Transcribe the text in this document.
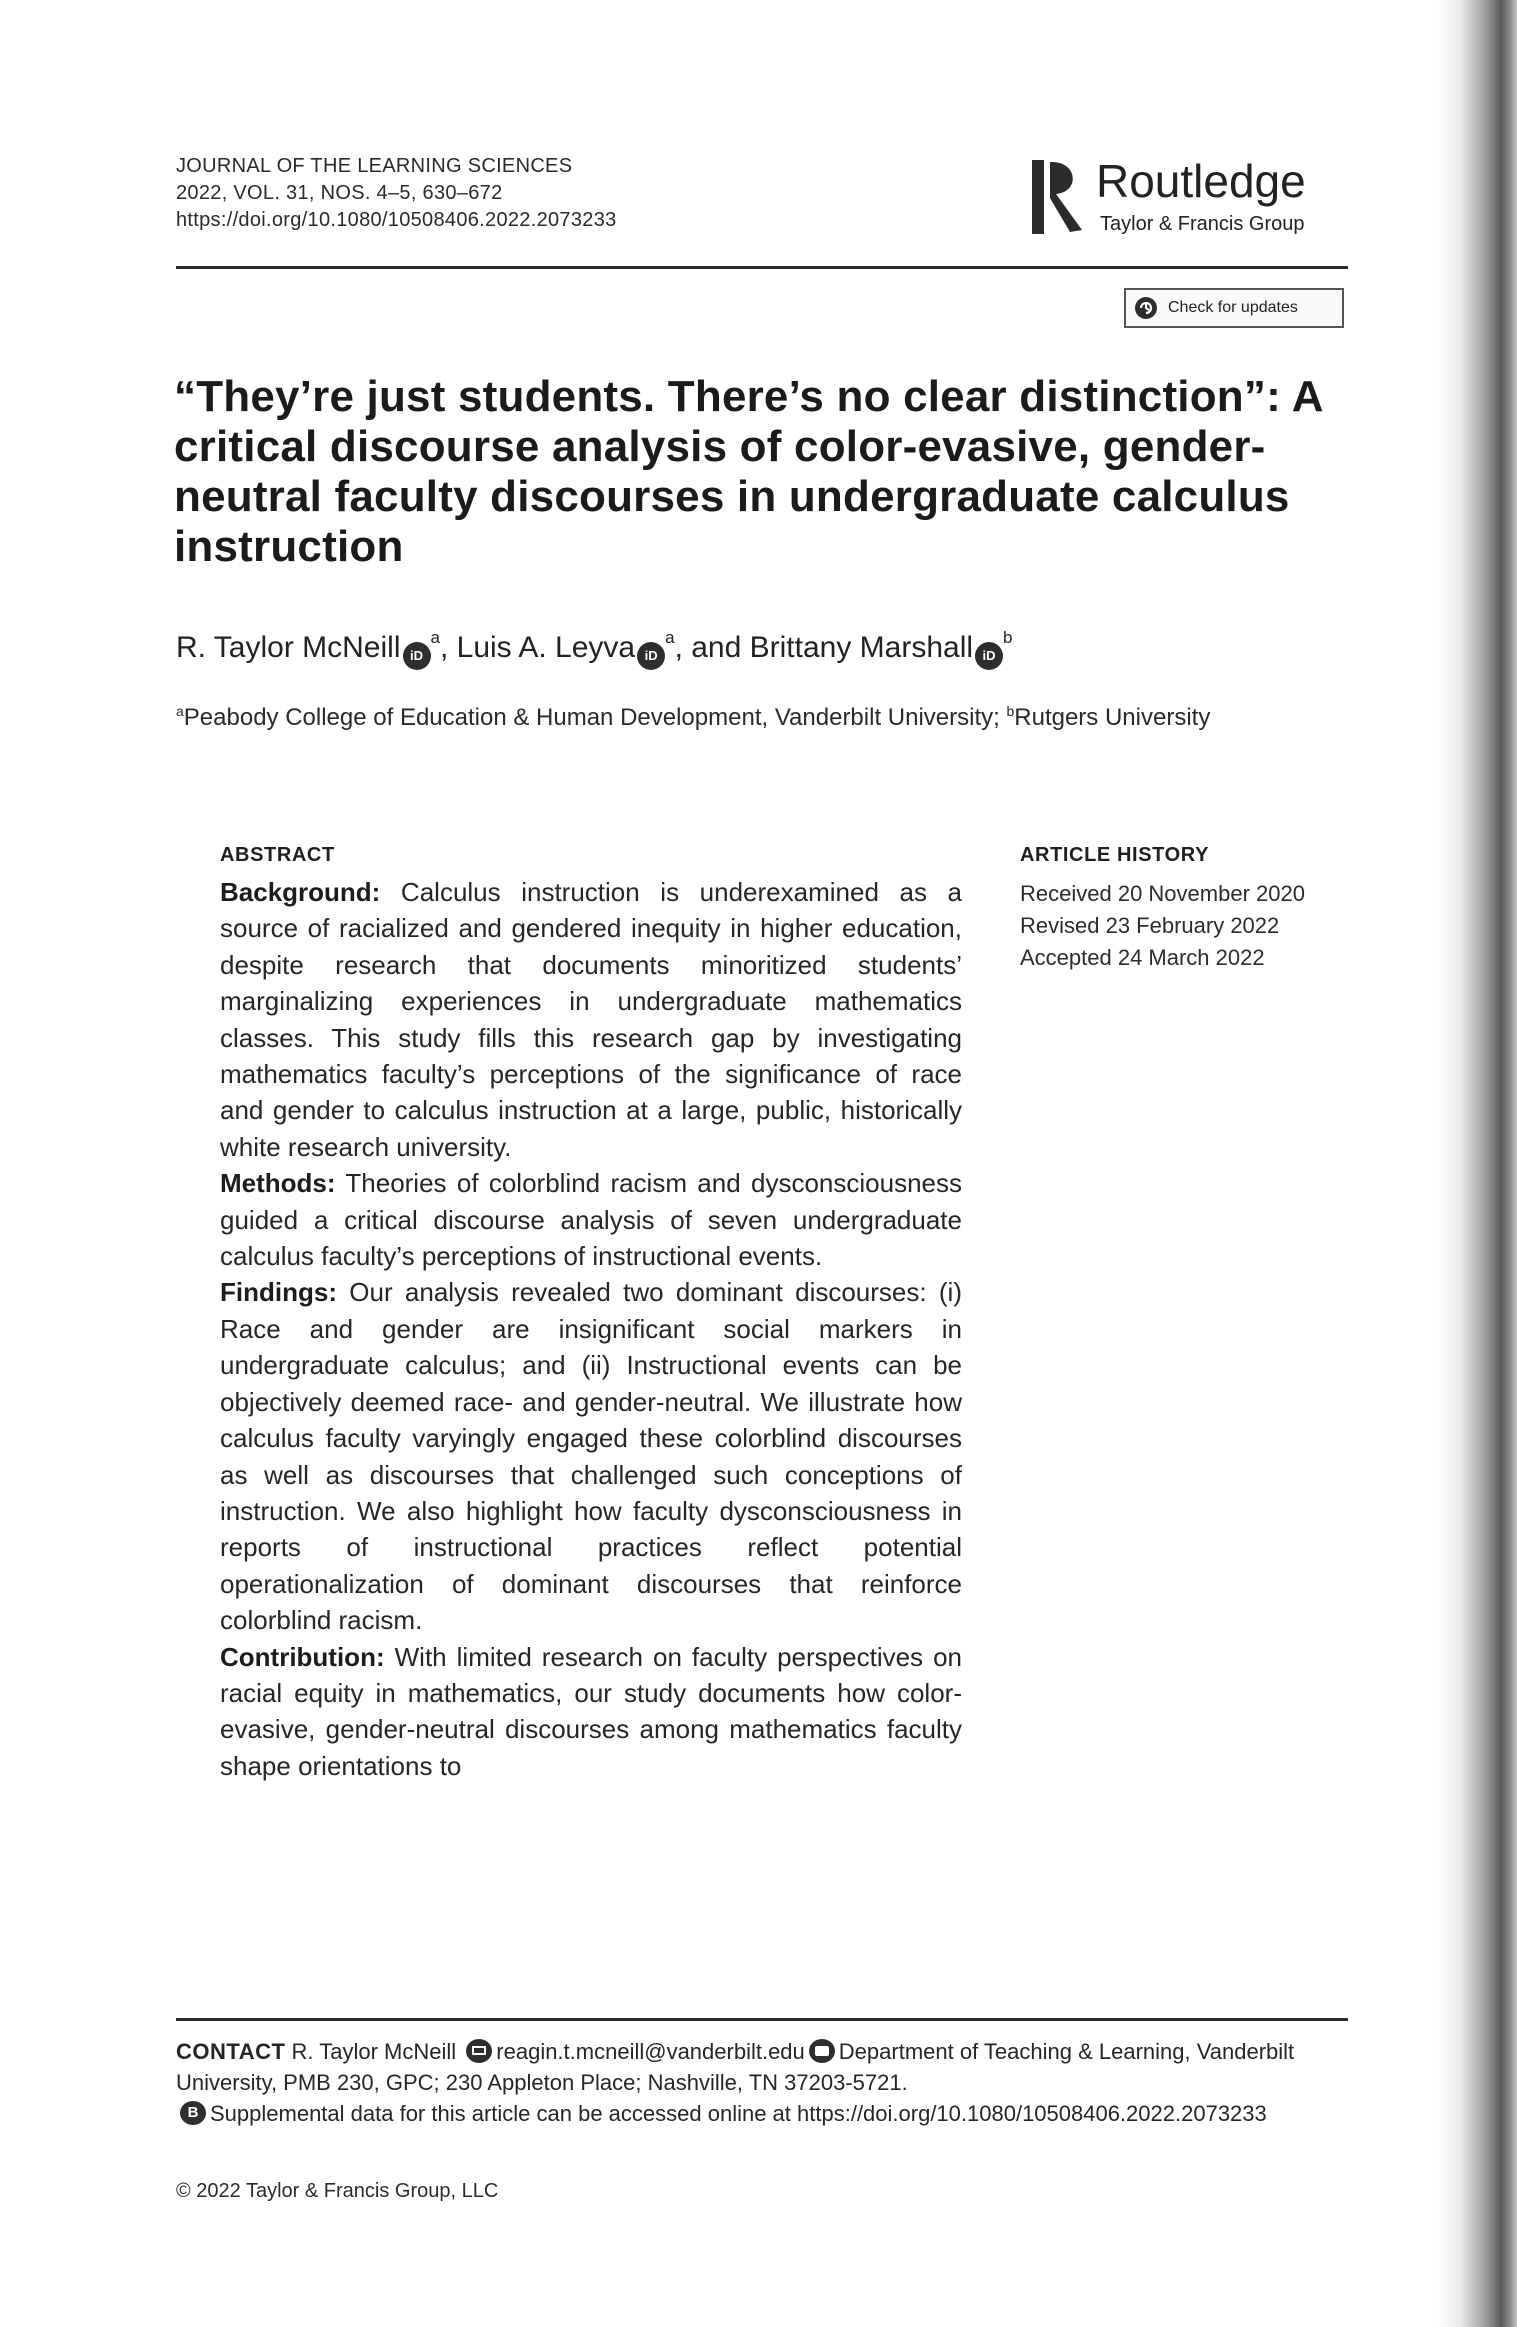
JOURNAL OF THE LEARNING SCIENCES
2022, VOL. 31, NOS. 4–5, 630–672
https://doi.org/10.1080/10508406.2022.2073233
Routledge
Taylor & Francis Group
Check for updates
“They’re just students. There’s no clear distinction”: A critical discourse analysis of color-evasive, gender-neutral faculty discourses in undergraduate calculus instruction
R. Taylor McNeill $iD^a$, Luis A. Leyva $iD^a$, and Brittany Marshall $iD^b$
$^a$Peabody College of Education & Human Development, Vanderbilt University; $^b$Rutgers University
ABSTRACT

Background: Calculus instruction is underexamined as a source of racialized and gendered inequity in higher education, despite research that documents minoritized students’ marginalizing experiences in undergraduate mathematics classes. This study fills this research gap by investigating mathematics faculty’s perceptions of the significance of race and gender to calculus instruction at a large, public, historically white research university.

Methods: Theories of colorblind racism and dysconsciousness guided a critical discourse analysis of seven undergraduate calculus faculty’s perceptions of instructional events.

Findings: Our analysis revealed two dominant discourses: (i) Race and gender are insignificant social markers in undergraduate calculus; and (ii) Instructional events can be objectively deemed race- and gender-neutral. We illustrate how calculus faculty varyingly engaged these colorblind discourses as well as discourses that challenged such conceptions of instruction. We also highlight how faculty dysconsciousness in reports of instructional practices reflect potential operationalization of dominant discourses that reinforce colorblind racism.

Contribution: With limited research on faculty perspectives on racial equity in mathematics, our study documents how color-evasive, gender-neutral discourses among mathematics faculty shape orientations to

ARTICLE HISTORY
Received 20 November 2020
Revised 23 February 2022
Accepted 24 March 2022

CONTACT R. Taylor McNeill reagin.t.mcneill@vanderbilt.edu Department of Teaching & Learning, Vanderbilt University, PMB 230, GPC; 230 Appleton Place; Nashville, TN 37203-5721.

BSupplemental data for this article can be accessed online at https://doi.org/10.1080/10508406.2022.2073233

© 2022 Taylor & Francis Group, LLC
